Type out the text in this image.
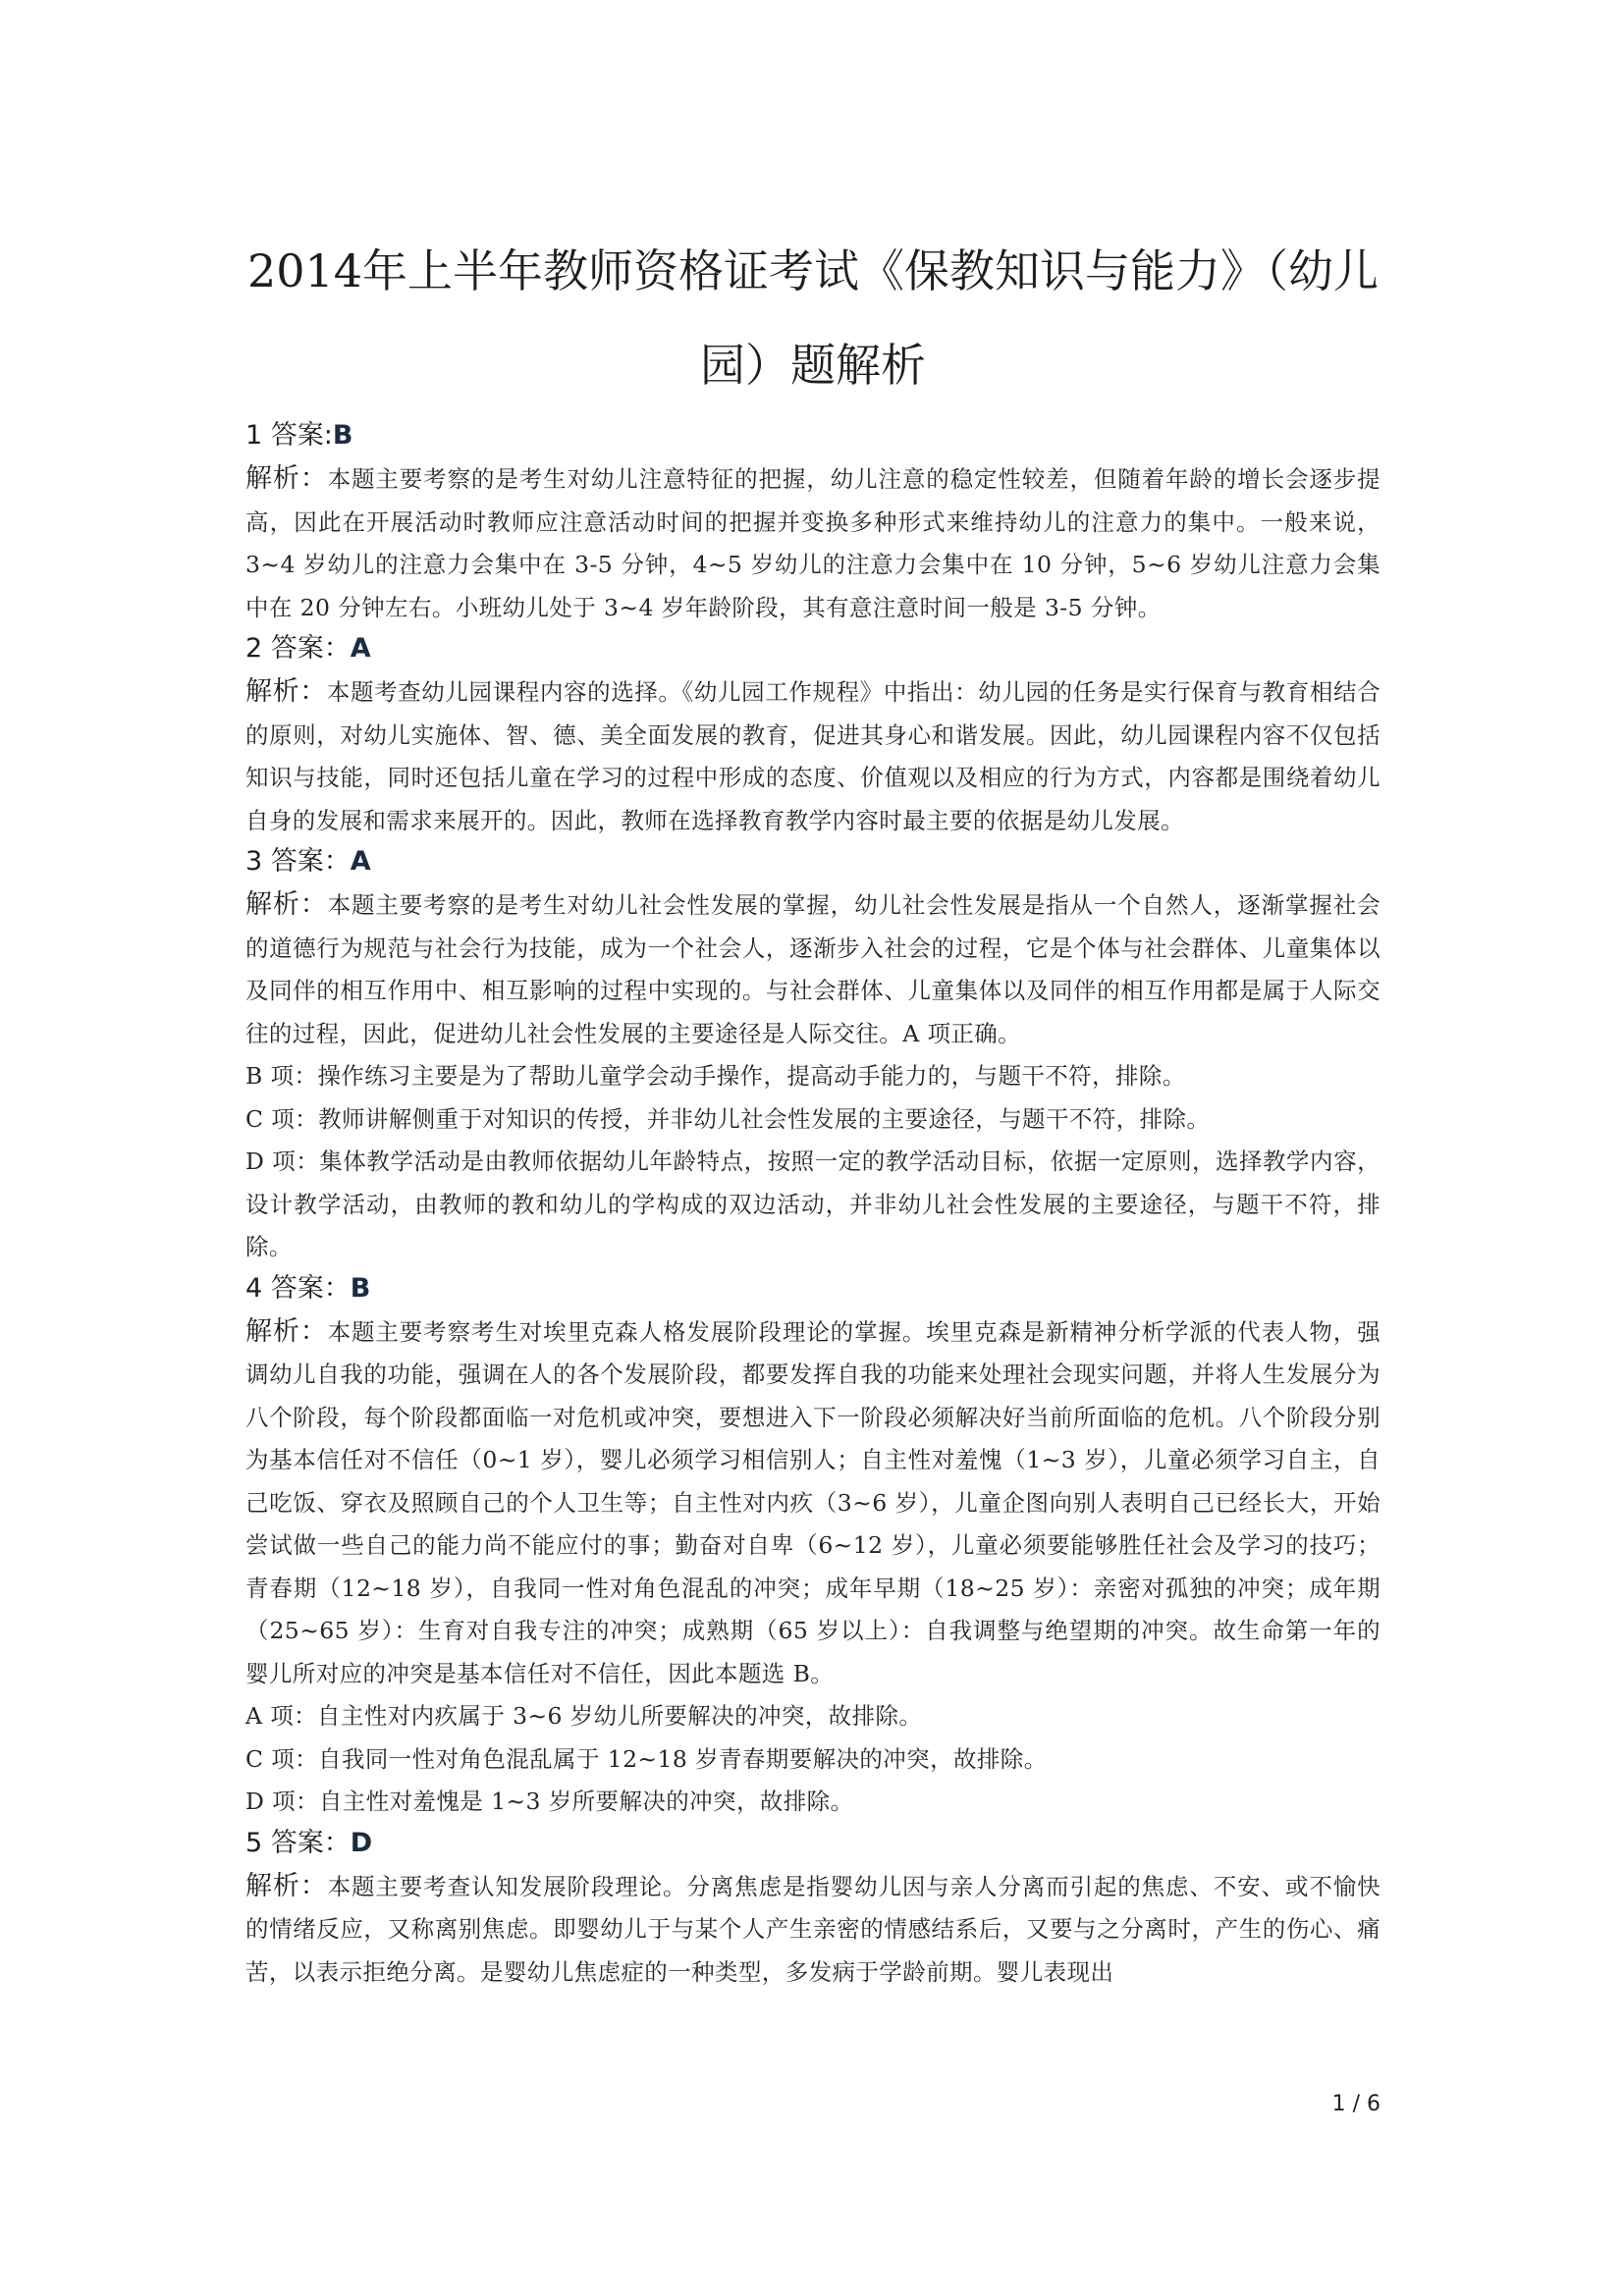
2014年上半年教师资格证考试《保教知识与能力》（幼儿园）题解析
1 答案:B

解析：本题主要考察的是考生对幼儿注意特征的把握，幼儿注意的稳定性较差，但随着年龄的增长会逐步提高，因此在开展活动时教师应注意活动时间的把握并变换多种形式来维持幼儿的注意力的集中。一般来说，3~4 岁幼儿的注意力会集中在 3-5 分钟，4~5 岁幼儿的注意力会集中在 10 分钟，5~6 岁幼儿注意力会集中在 20 分钟左右。小班幼儿处于 3~4 岁年龄阶段，其有意注意时间一般是 3-5 分钟。

2 答案：A

解析：本题考查幼儿园课程内容的选择。《幼儿园工作规程》中指出：幼儿园的任务是实行保育与教育相结合的原则，对幼儿实施体、智、德、美全面发展的教育，促进其身心和谐发展。因此，幼儿园课程内容不仅包括知识与技能，同时还包括儿童在学习的过程中形成的态度、价值观以及相应的行为方式，内容都是围绕着幼儿自身的发展和需求来展开的。因此，教师在选择教育教学内容时最主要的依据是幼儿发展。

3 答案：A

解析：本题主要考察的是考生对幼儿社会性发展的掌握，幼儿社会性发展是指从一个自然人，逐渐掌握社会的道德行为规范与社会行为技能，成为一个社会人，逐渐步入社会的过程，它是个体与社会群体、儿童集体以及同伴的相互作用中、相互影响的过程中实现的。与社会群体、儿童集体以及同伴的相互作用都是属于人际交往的过程，因此，促进幼儿社会性发展的主要途径是人际交往。A 项正确。

B 项：操作练习主要是为了帮助儿童学会动手操作，提高动手能力的，与题干不符，排除。

C 项：教师讲解侧重于对知识的传授，并非幼儿社会性发展的主要途径，与题干不符，排除。

D 项：集体教学活动是由教师依据幼儿年龄特点，按照一定的教学活动目标，依据一定原则，选择教学内容，设计教学活动，由教师的教和幼儿的学构成的双边活动，并非幼儿社会性发展的主要途径，与题干不符，排除。

4 答案：B

解析：本题主要考察考生对埃里克森人格发展阶段理论的掌握。埃里克森是新精神分析学派的代表人物，强调幼儿自我的功能，强调在人的各个发展阶段，都要发挥自我的功能来处理社会现实问题，并将人生发展分为八个阶段，每个阶段都面临一对危机或冲突，要想进入下一阶段必须解决好当前所面临的危机。八个阶段分别为基本信任对不信任（0~1 岁），婴儿必须学习相信别人；自主性对羞愧（1~3 岁），儿童必须学习自主，自己吃饭、穿衣及照顾自己的个人卫生等；自主性对内疚（3~6 岁），儿童企图向别人表明自己已经长大，开始尝试做一些自己的能力尚不能应付的事；勤奋对自卑（6~12 岁），儿童必须要能够胜任社会及学习的技巧；青春期（12~18 岁），自我同一性对角色混乱的冲突；成年早期（18~25 岁）：亲密对孤独的冲突；成年期（25~65 岁）：生育对自我专注的冲突；成熟期（65 岁以上）：自我调整与绝望期的冲突。故生命第一年的婴儿所对应的冲突是基本信任对不信任，因此本题选 B。

A 项：自主性对内疚属于 3~6 岁幼儿所要解决的冲突，故排除。

C 项：自我同一性对角色混乱属于 12~18 岁青春期要解决的冲突，故排除。

D 项：自主性对羞愧是 1~3 岁所要解决的冲突，故排除。

5 答案：D

解析：本题主要考查认知发展阶段理论。分离焦虑是指婴幼儿因与亲人分离而引起的焦虑、不安、或不愉快的情绪反应，又称离别焦虑。即婴幼儿于与某个人产生亲密的情感结系后，又要与之分离时，产生的伤心、痛苦，以表示拒绝分离。是婴幼儿焦虑症的一种类型，多发病于学龄前期。婴儿表现出

1 / 6
